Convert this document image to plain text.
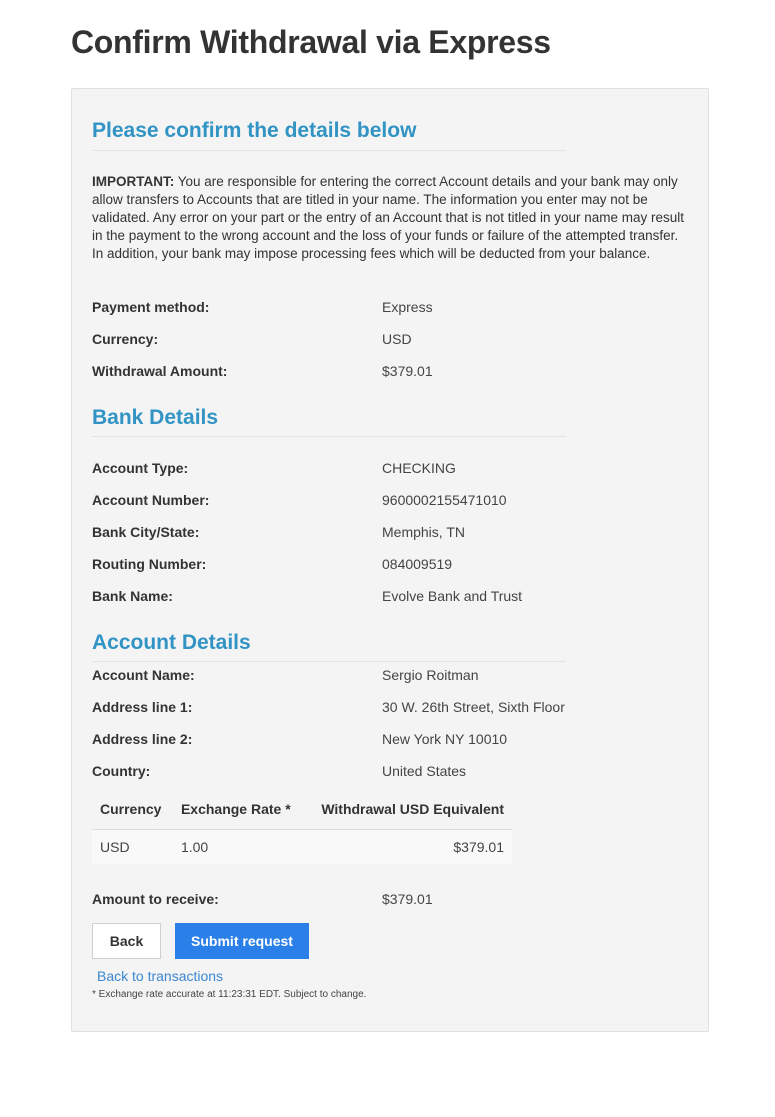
Confirm Withdrawal via Express
Please confirm the details below

IMPORTANT: You are responsible for entering the correct Account details and your bank may only allow transfers to Accounts that are titled in your name. The information you enter may not be validated. Any error on your part or the entry of an Account that is not titled in your name may result in the payment to the wrong account and the loss of your funds or failure of the attempted transfer. In addition, your bank may impose processing fees which will be deducted from your balance.

Payment method:	Express
Currency:	USD
Withdrawal Amount:	$379.01
Bank Details
Account Type:	CHECKING
Account Number:	9600002155471010
Bank City/State:	Memphis, TN
Routing Number:	084009519
Bank Name:	Evolve Bank and Trust
Account Details
Account Name:	Sergio Roitman
Address line 1:	30 W. 26th Street, Sixth Floor
Address line 2:	New York NY 10010
Country:	United States
Currency	Exchange Rate *	Withdrawal USD Equivalent
USD	1.00	$379.01
Amount to receive:	$379.01
Back	Submit request
Back to transactions
* Exchange rate accurate at 11:23:31 EDT. Subject to change.
